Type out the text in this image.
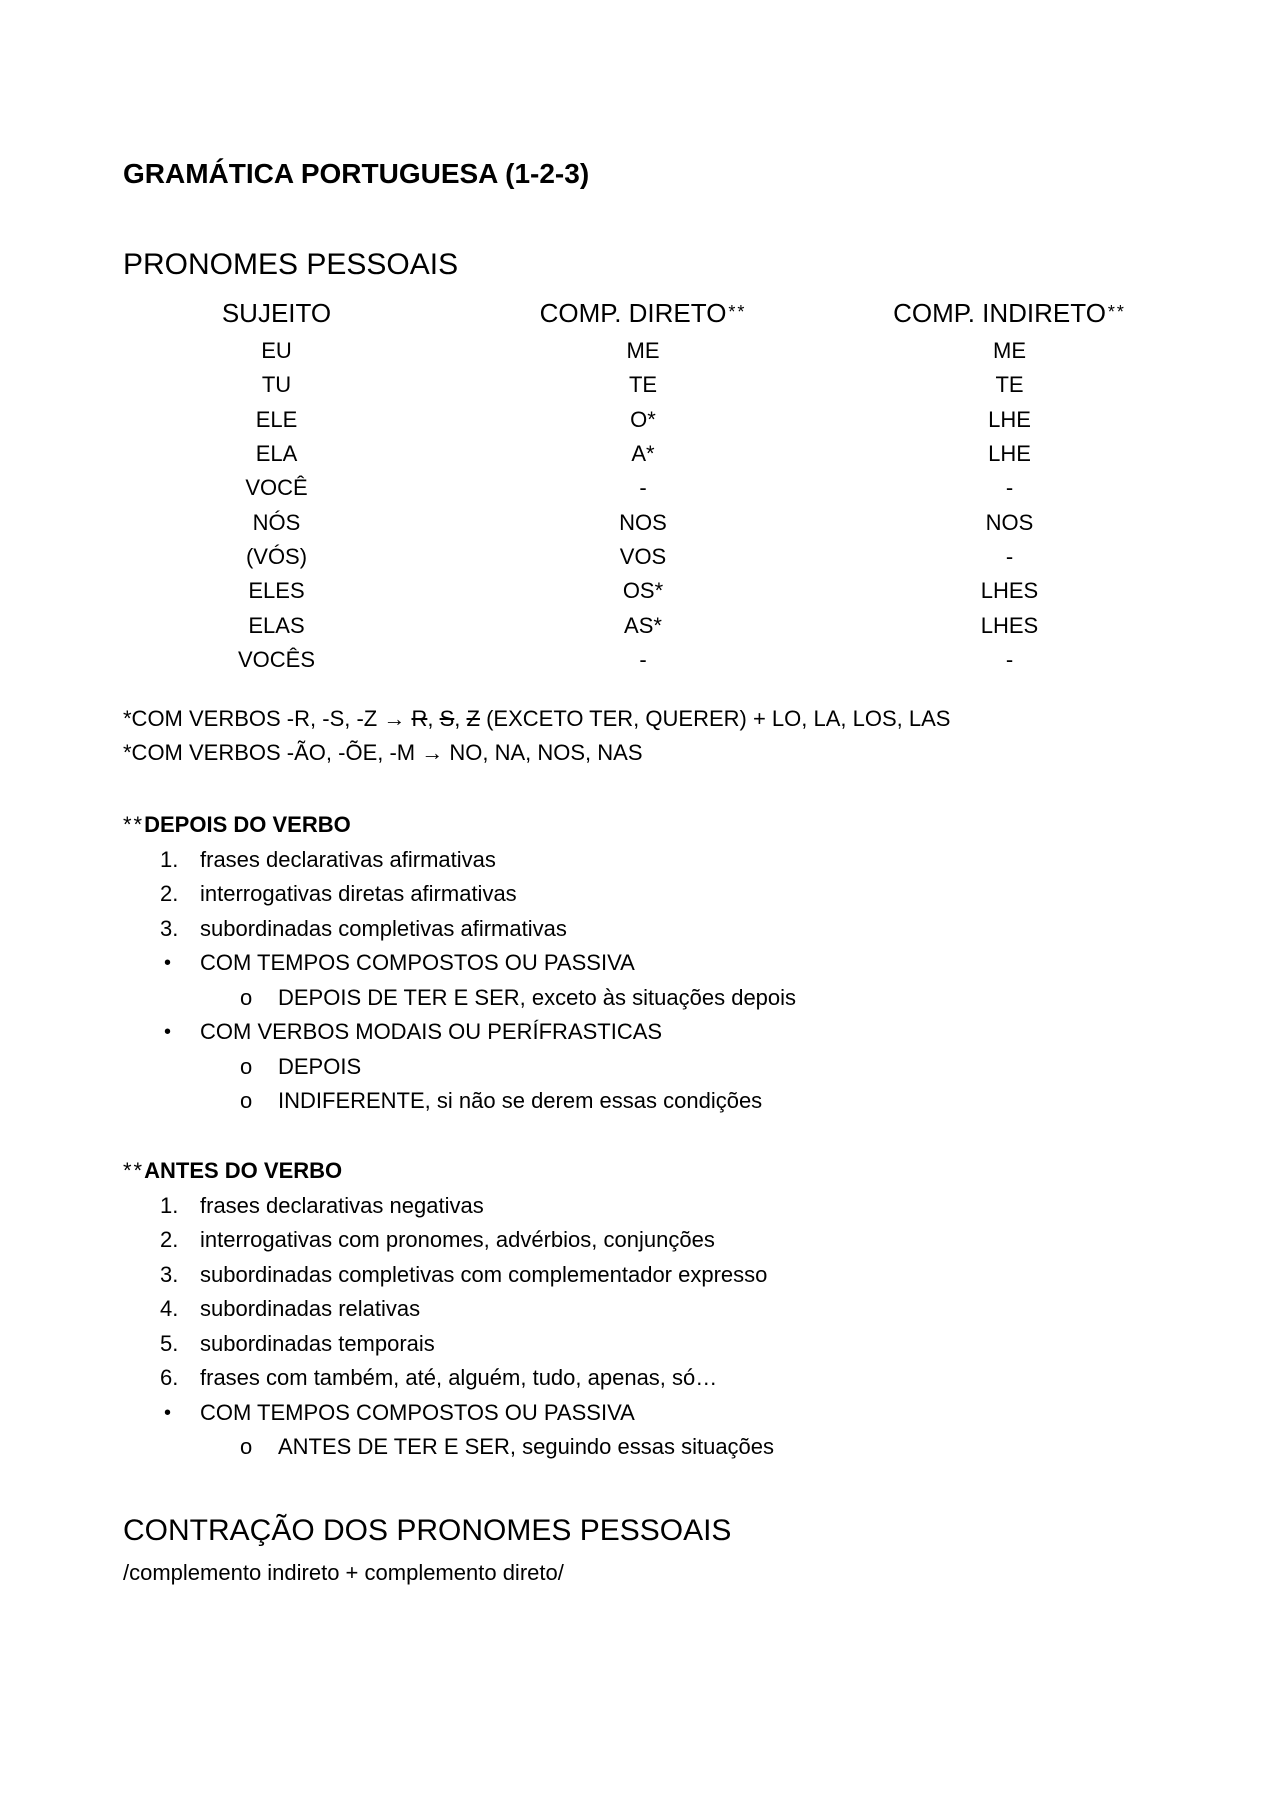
GRAMÁTICA PORTUGUESA (1-2-3)
PRONOMES PESSOAIS
SUJEITO	COMP. DIRETO **	COMP. INDIRETO **
EU	ME	ME
TU	TE	TE
ELE	O*	LHE
ELA	A*	LHE
VOCÊ	-	-
NÓS	NOS	NOS
(VÓS)	VOS	-
ELES	OS*	LHES
ELAS	AS*	LHES
VOCÊS	-	-
*COM VERBOS -R, -S, -Z → R, S, Z (EXCETO TER, QUERER) + LO, LA, LOS, LAS
*COM VERBOS -ÃO, -ÕE, -M → NO, NA, NOS, NAS
**DEPOIS DO VERBO
1. frases declarativas afirmativas
2. interrogativas diretas afirmativas
3. subordinadas completivas afirmativas
•	COM TEMPOS COMPOSTOS OU PASSIVA
o	DEPOIS DE TER E SER, exceto às situações depois
•	COM VERBOS MODAIS OU PERÍFRASTICAS
o	DEPOIS
o	INDIFERENTE, si não se derem essas condições
**ANTES DO VERBO
1. frases declarativas negativas
2. interrogativas com pronomes, advérbios, conjunções
3. subordinadas completivas com complementador expresso
4. subordinadas relativas
5. subordinadas temporais
6. frases com também, até, alguém, tudo, apenas, só…
•	COM TEMPOS COMPOSTOS OU PASSIVA
o	ANTES DE TER E SER, seguindo essas situações
CONTRAÇÃO DOS PRONOMES PESSOAIS
/complemento indireto + complemento direto/
